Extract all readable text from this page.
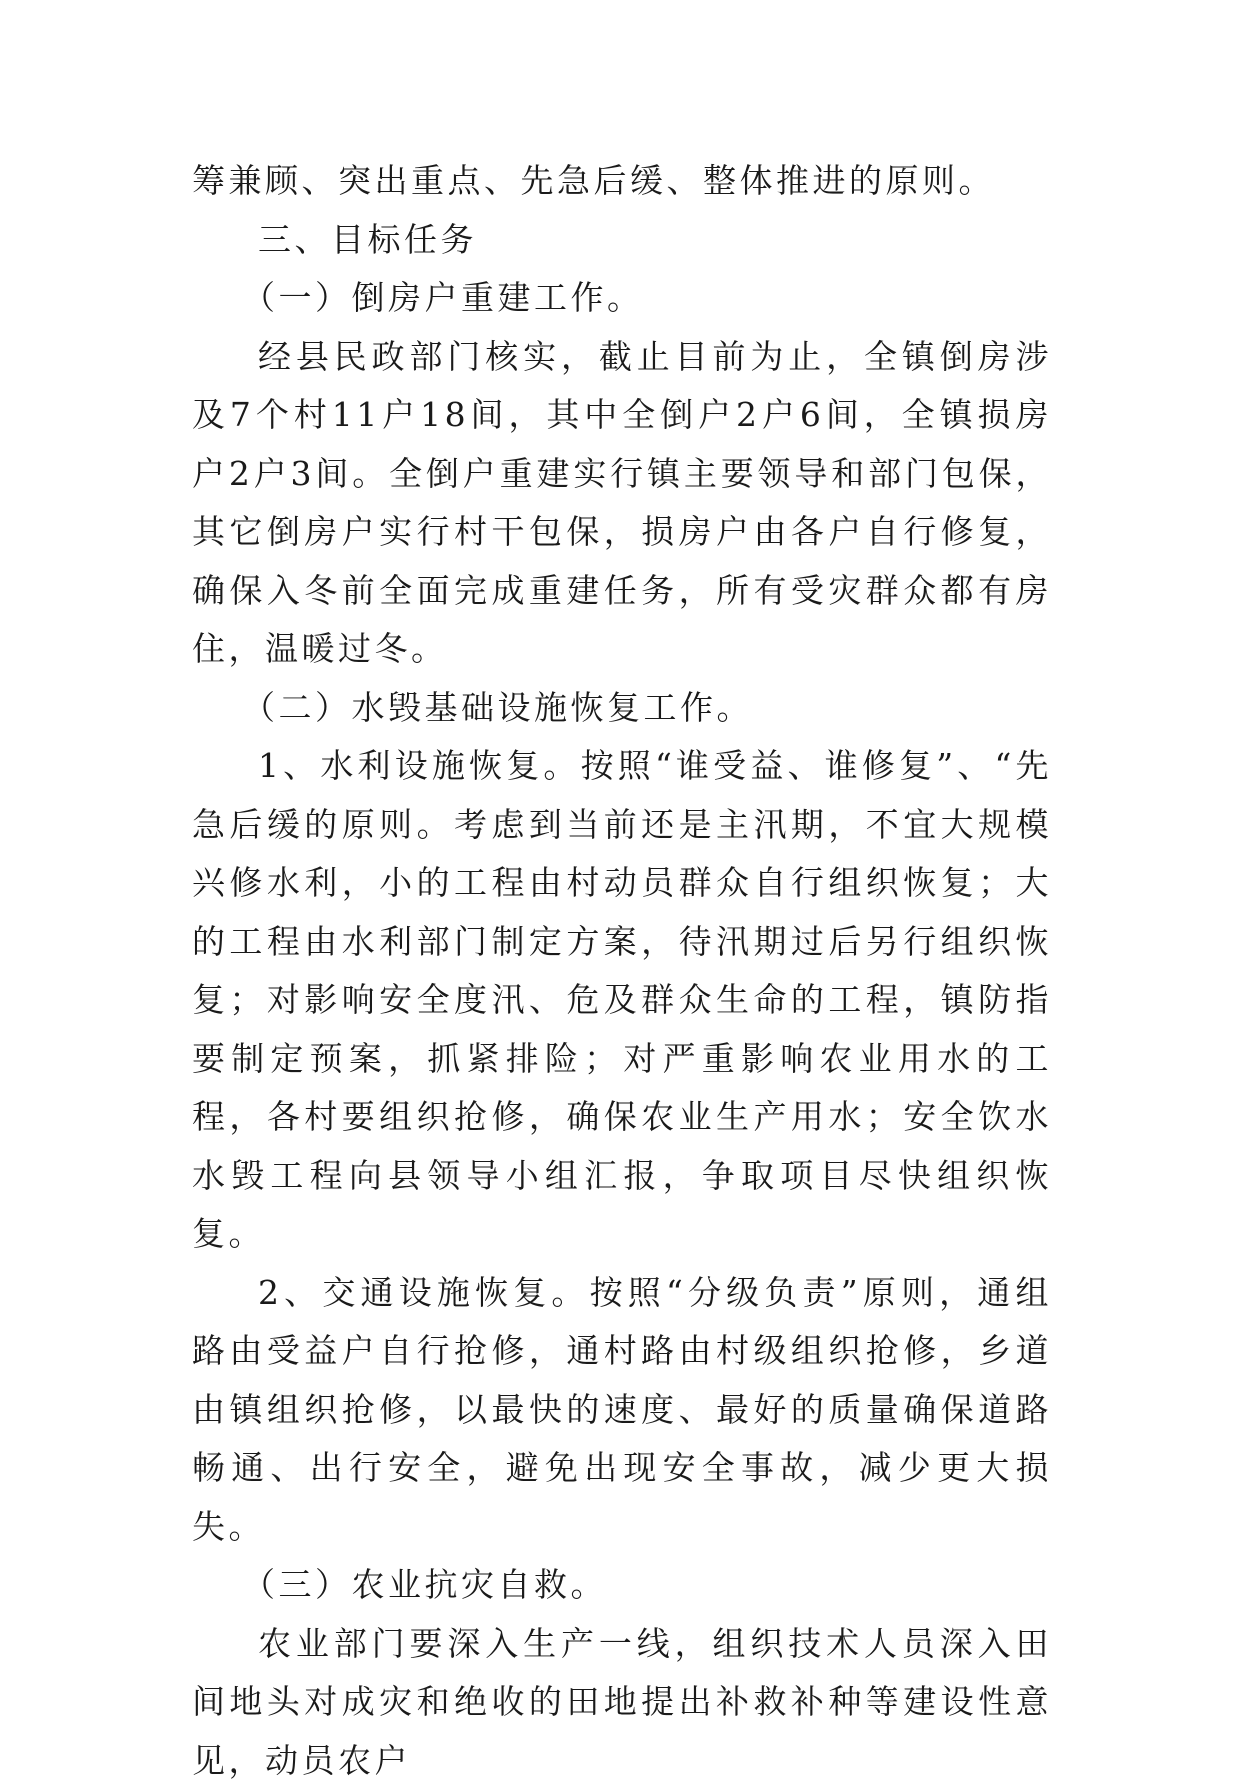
筹兼顾、突出重点、先急后缓、整体推进的原则。

三、目标任务

（一）倒房户重建工作。

经县民政部门核实，截止目前为止，全镇倒房涉及7个村11户18间，其中全倒户2户6间，全镇损房户2户3间。全倒户重建实行镇主要领导和部门包保，其它倒房户实行村干包保，损房户由各户自行修复，确保入冬前全面完成重建任务，所有受灾群众都有房住，温暖过冬。

（二）水毁基础设施恢复工作。

1、水利设施恢复。按照“谁受益、谁修复”、“先急后缓的原则。考虑到当前还是主汛期，不宜大规模兴修水利，小的工程由村动员群众自行组织恢复；大的工程由水利部门制定方案，待汛期过后另行组织恢复；对影响安全度汛、危及群众生命的工程，镇防指要制定预案，抓紧排险；对严重影响农业用水的工程，各村要组织抢修，确保农业生产用水；安全饮水水毁工程向县领导小组汇报，争取项目尽快组织恢复。

2、交通设施恢复。按照“分级负责”原则，通组路由受益户自行抢修，通村路由村级组织抢修，乡道由镇组织抢修，以最快的速度、最好的质量确保道路畅通、出行安全，避免出现安全事故，减少更大损失。

（三）农业抗灾自救。

农业部门要深入生产一线，组织技术人员深入田间地头对成灾和绝收的田地提出补救补种等建设性意见，动员农户
